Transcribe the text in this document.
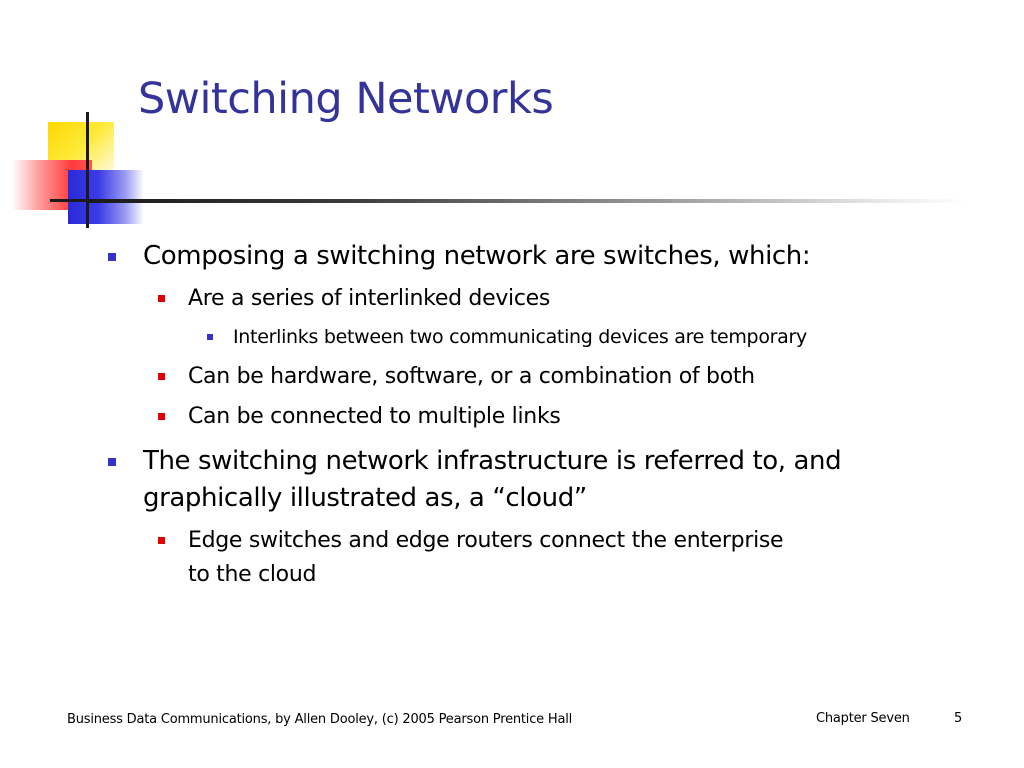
Switching Networks
Composing a switching network are switches, which:
Are a series of interlinked devices
Interlinks between two communicating devices are temporary
Can be hardware, software, or a combination of both
Can be connected to multiple links
The switching network infrastructure is referred to, and
graphically illustrated as, a “cloud”
Edge switches and edge routers connect the enterprise
to the cloud
Business Data Communications, by Allen Dooley, (c) 2005 Pearson Prentice Hall	Chapter Seven	5
